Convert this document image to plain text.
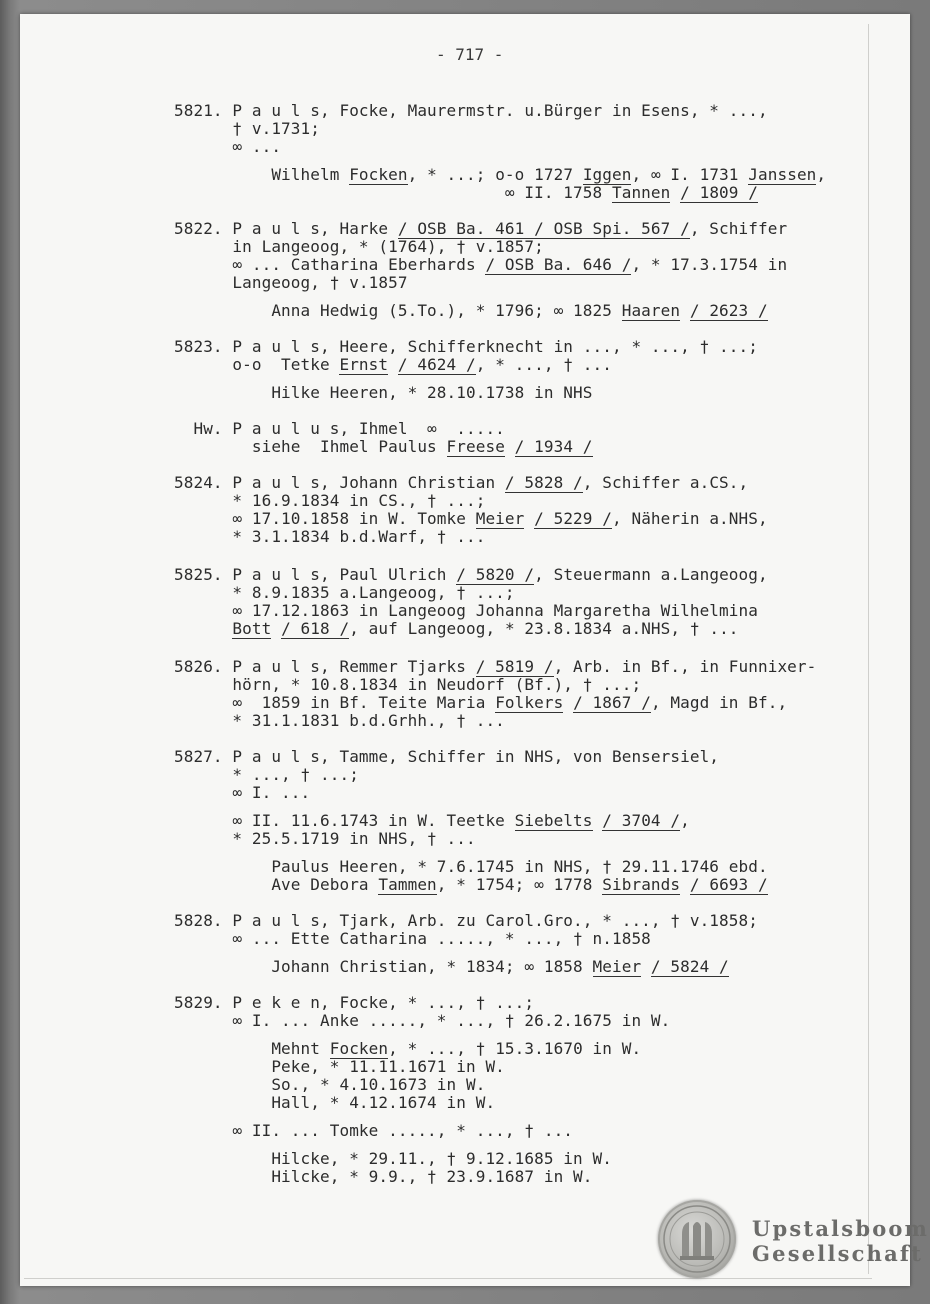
- 717 -
5821. P a u l s, Focke, Maurermstr. u.Bürger in Esens, * ...,
† v.1731;
∞ ...
Wilhelm Focken, * ...; o-o 1727 Iggen, ∞ I. 1731 Janssen,
∞ II. 1758 Tannen / 1809 /
5822. P a u l s, Harke / OSB Ba. 461 / OSB Spi. 567 /, Schiffer
in Langeoog, * (1764), † v.1857;
∞ ... Catharina Eberhards / OSB Ba. 646 /, * 17.3.1754 in
Langeoog, † v.1857
Anna Hedwig (5.To.), * 1796; ∞ 1825 Haaren / 2623 /
5823. P a u l s, Heere, Schifferknecht in ..., * ..., † ...;
o-o  Tetke Ernst / 4624 /, * ..., † ...
Hilke Heeren, * 28.10.1738 in NHS
Hw. P a u l u s, Ihmel  ∞  .....
siehe  Ihmel Paulus Freese / 1934 /
5824. P a u l s, Johann Christian / 5828 /, Schiffer a.CS.,
* 16.9.1834 in CS., † ...;
∞ 17.10.1858 in W. Tomke Meier / 5229 /, Näherin a.NHS,
* 3.1.1834 b.d.Warf, † ...
5825. P a u l s, Paul Ulrich / 5820 /, Steuermann a.Langeoog,
* 8.9.1835 a.Langeoog, † ...;
∞ 17.12.1863 in Langeoog Johanna Margaretha Wilhelmina
Bott / 618 /, auf Langeoog, * 23.8.1834 a.NHS, † ...
5826. P a u l s, Remmer Tjarks / 5819 /, Arb. in Bf., in Funnixer-
hörn, * 10.8.1834 in Neudorf (Bf.), † ...;
∞  1859 in Bf. Teite Maria Folkers / 1867 /, Magd in Bf.,
* 31.1.1831 b.d.Grhh., † ...
5827. P a u l s, Tamme, Schiffer in NHS, von Bensersiel,
* ..., † ...;
∞ I. ...
∞ II. 11.6.1743 in W. Teetke Siebelts / 3704 /,
* 25.5.1719 in NHS, † ...
Paulus Heeren, * 7.6.1745 in NHS, † 29.11.1746 ebd.
Ave Debora Tammen, * 1754; ∞ 1778 Sibrands / 6693 /
5828. P a u l s, Tjark, Arb. zu Carol.Gro., * ..., † v.1858;
∞ ... Ette Catharina ....., * ..., † n.1858
Johann Christian, * 1834; ∞ 1858 Meier / 5824 /
5829. P e k e n, Focke, * ..., † ...;
∞ I. ... Anke ....., * ..., † 26.2.1675 in W.
Mehnt Focken, * ..., † 15.3.1670 in W.
Peke, * 11.11.1671 in W.
So., * 4.10.1673 in W.
Hall, * 4.12.1674 in W.
∞ II. ... Tomke ....., * ..., † ...
Hilcke, * 29.11., † 9.12.1685 in W.
Hilcke, * 9.9., † 23.9.1687 in W.
Upstalsboom
Gesellschaft
